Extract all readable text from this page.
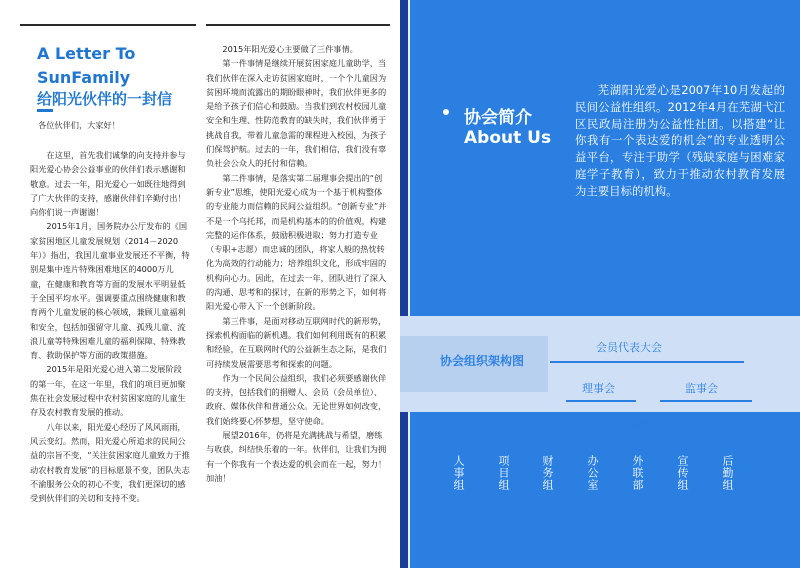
A Letter To
SunFamily
给阳光伙伴的一封信
各位伙伴们，大家好！

在这里，首先我们诚挚的向支持并参与阳光爱心协会公益事业的伙伴们表示感谢和敬意。过去一年，阳光爱心一如既往地得到了广大伙伴的支持，感谢伙伴们辛勤付出！向你们说一声谢谢！

2015年1月，国务院办公厅发布的《国家贫困地区儿童发展规划（2014－2020年）》指出，我国儿童事业发展还不平衡，特别是集中连片特殊困难地区的4000万儿童，在健康和教育等方面的发展水平明显低于全国平均水平。强调要重点围绕健康和教育两个儿童发展的核心领域，兼顾儿童福利和安全，包括加强留守儿童、孤残儿童、流浪儿童等特殊困难儿童的福利保障、特殊教育、救助保护等方面的政策措施。

2015年是阳光爱心进入第二发展阶段的第一年，在这一年里，我们的项目更加聚焦在社会发展过程中农村贫困家庭的儿童生存及农村教育发展的推动。

八年以来，阳光爱心经历了风风雨雨，风云变幻。然而，阳光爱心所追求的民间公益的宗旨不变，“关注贫困家庭儿童致力于推动农村教育发展”的目标愿景不变，团队失志不渝服务公众的初心不变，我们更深切的感受到伙伴们的关切和支持不变。

2015年阳光爱心主要做了三件事情。

第一件事情是继续开展贫困家庭儿童助学，当我们伙伴在深入走访贫困家庭时，一个个儿童因为贫困环境而流露出的期盼眼神时，我们伙伴更多的是给予孩子们信心和鼓励。当我们到农村校园儿童安全和生理、性防范教育的缺失时，我们伙伴勇于挑战自我，带着儿童急需的课程进入校园，为孩子们保驾护航。过去的一年，我们相信，我们没有辜负社会公众人的托付和信赖。

第二件事情，是落实第二届理事会提出的“创新专业”思维，使阳光爱心成为一个基于机构整体的专业能力而信赖的民间公益组织。“创新专业”并不是一个乌托邦，而是机构基本的的价值观，构建完整的运作体系，鼓励积极进取；努力打造专业（专职+志愿）而忠诚的团队，将家人般的热忱转化为高效的行动能力；培养组织文化，形成牢固的机构向心力。因此，在过去一年，团队进行了深入的沟通、思考和的探讨，在新的形势之下，如何将阳光爱心带入下一个创新阶段。

第三件事，是面对移动互联网时代的新形势，探索机构面临的新机遇。我们如何利用既有的积累和经验，在互联网时代的公益新生态之际，是我们可持续发展需要思考和探索的问题。

作为一个民间公益组织，我们必须要感谢伙伴的支持，包括我们的捐赠人、会员（会员单位）、政府、媒体伙伴和普通公众。无论世界如何改变，我们始终要心怀梦想，坚守使命。

展望2016年，仍将是充满挑战与希望，磨练与收获，纠结快乐着的一年。伙伴们，让我们为拥有一个你我有一个表达爱的机会而在一起，努力！加油！

协会简介
About Us
芜湖阳光爱心是2007年10月发起的民间公益性组织。2012年4月在芜湖弋江区民政局注册为公益性社团。以搭建“让你我有一个表达爱的机会”的专业透明公益平台，专注于助学（残缺家庭与困难家庭学子教育），致力于推动农村教育发展为主要目标的机构。
协会组织架构图
会员代表大会
理事会	监事会
秘书长
人事组	项目组	财务组	办公室	外联部	宣传组	后勤组
